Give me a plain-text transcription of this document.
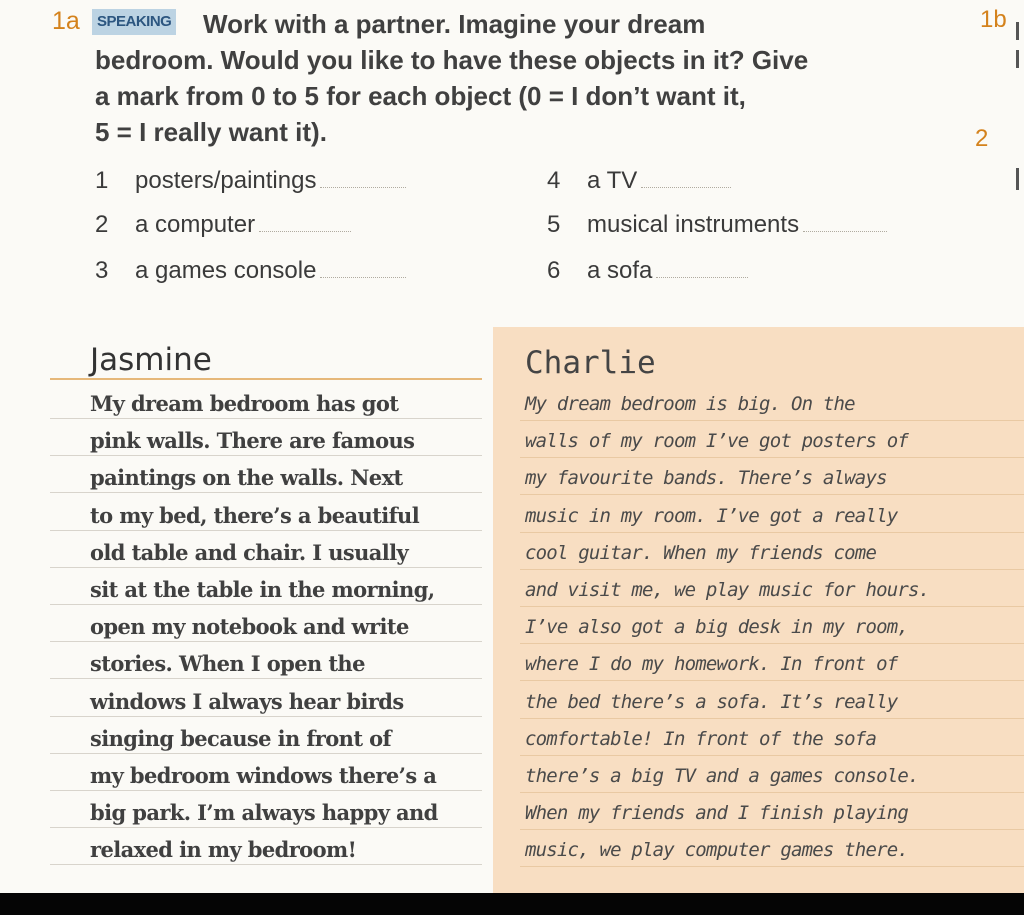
1a	SPEAKING	Work with a partner. Imagine your dream
bedroom. Would you like to have these objects in it? Give
a mark from 0 to 5 for each object (0 = I don’t want it,
5 = I really want it).
1b
2
1 posters/paintings
2 a computer
3 a games console
4 a TV
5 musical instruments
6 a sofa
Jasmine
My dream bedroom has got
pink walls. There are famous
paintings on the walls. Next
to my bed, there’s a beautiful
old table and chair. I usually
sit at the table in the morning,
open my notebook and write
stories. When I open the
windows I always hear birds
singing because in front of
my bedroom windows there’s a
big park. I’m always happy and
relaxed in my bedroom!
Charlie
My dream bedroom is big. On the
walls of my room I’ve got posters of
my favourite bands. There’s always
music in my room. I’ve got a really
cool guitar. When my friends come
and visit me, we play music for hours.
I’ve also got a big desk in my room,
where I do my homework. In front of
the bed there’s a sofa. It’s really
comfortable! In front of the sofa
there’s a big TV and a games console.
When my friends and I finish playing
music, we play computer games there.
